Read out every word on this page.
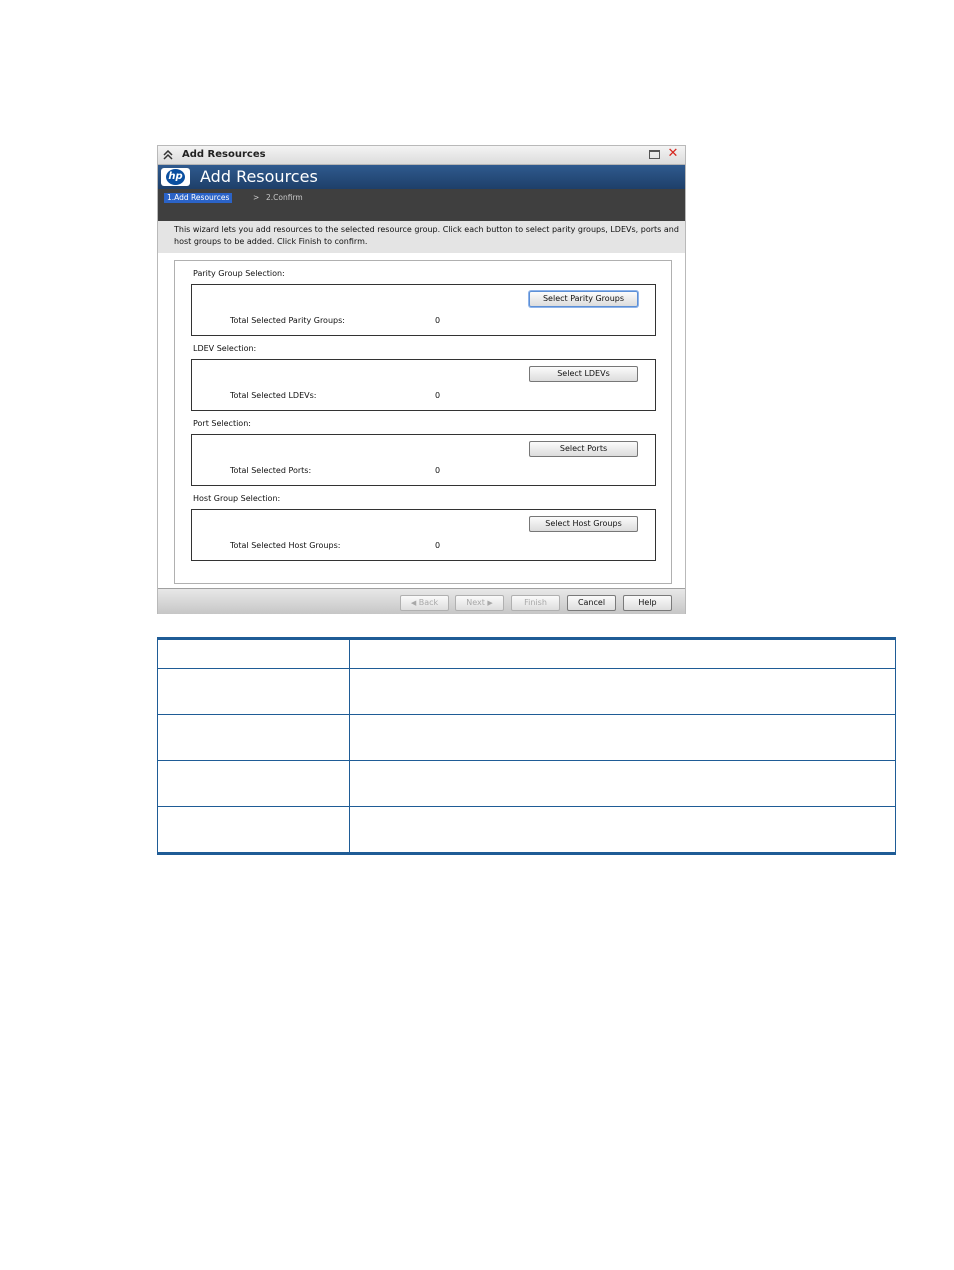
Add Resources	✕
hp Add Resources
1.Add Resources	> 2.Confirm
This wizard lets you add resources to the selected resource group. Click each button to select parity groups, LDEVs, ports and host groups to be added. Click Finish to confirm.
Parity Group Selection:
Select Parity Groups
Total Selected Parity Groups:	0
LDEV Selection:
Select LDEVs
Total Selected LDEVs:	0
Port Selection:
Select Ports
Total Selected Ports:	0
Host Group Selection:
Select Host Groups
Total Selected Host Groups:	0
◀ Back	Next ▶	Finish	Cancel	Help
